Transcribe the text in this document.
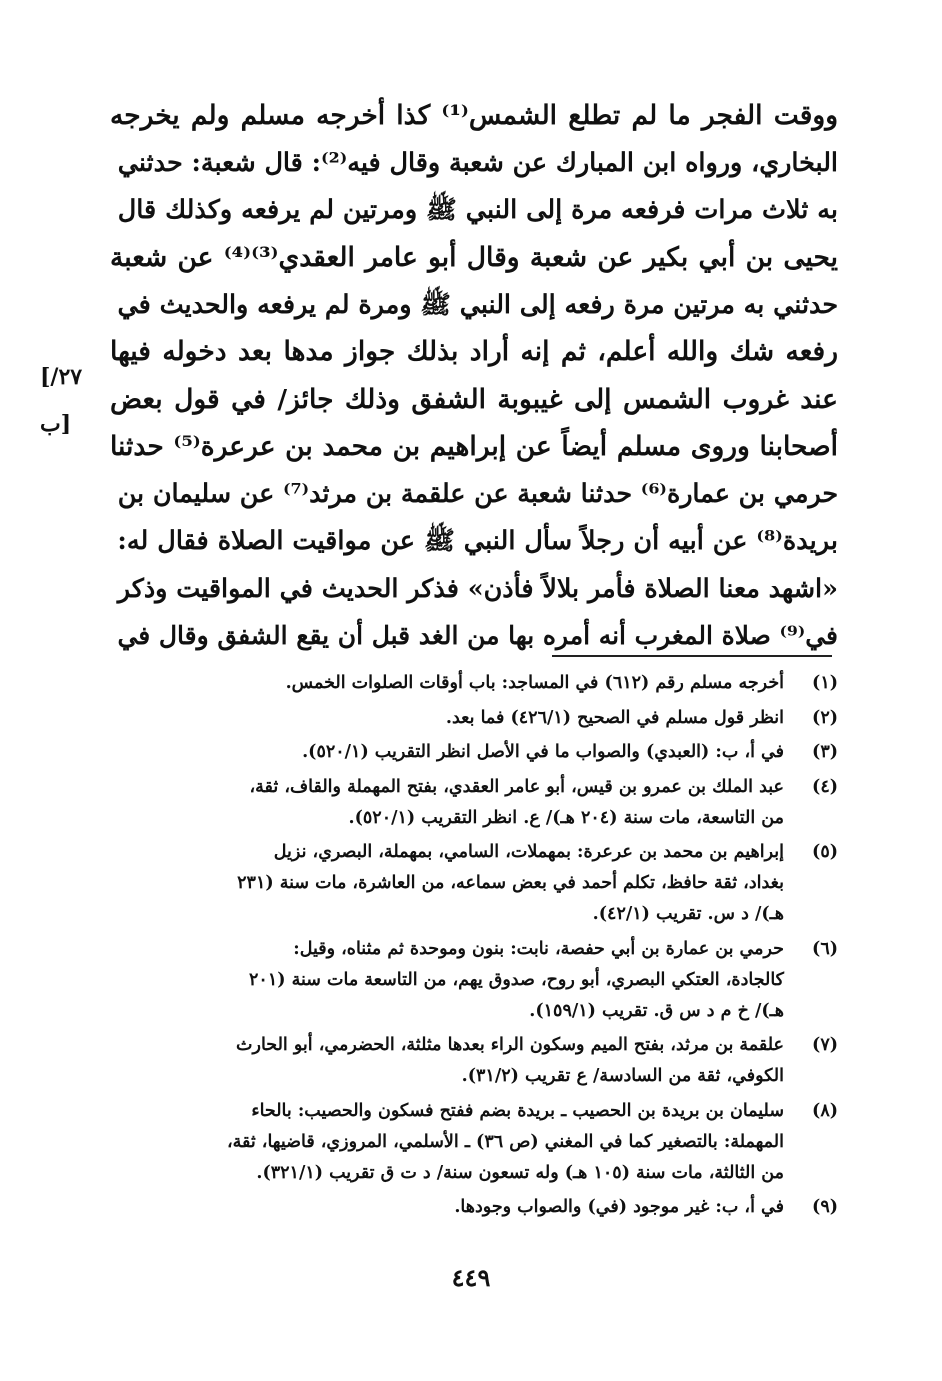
ووقت الفجر ما لم تطلع الشمس⁽¹⁾ كذا أخرجه مسلم ولم يخرجه
البخاري، ورواه ابن المبارك عن شعبة وقال فيه⁽²⁾: قال شعبة: حدثني
به ثلاث مرات فرفعه مرة إلى النبي ﷺ ومرتين لم يرفعه وكذلك قال
يحيى بن أبي بكير عن شعبة وقال أبو عامر العقدي⁽³⁾⁽⁴⁾ عن شعبة
حدثني به مرتين مرة رفعه إلى النبي ﷺ ومرة لم يرفعه والحديث في
رفعه شك والله أعلم، ثم إنه أراد بذلك جواز مدها بعد دخوله فيها
عند غروب الشمس إلى غيبوبة الشفق وذلك جائز/ في قول بعض
أصحابنا وروى مسلم أيضاً عن إبراهيم بن محمد بن عرعرة⁽⁵⁾ حدثنا
حرمي بن عمارة⁽⁶⁾ حدثنا شعبة عن علقمة بن مرثد⁽⁷⁾ عن سليمان بن
بريدة⁽⁸⁾ عن أبيه أن رجلاً سأل النبي ﷺ عن مواقيت الصلاة فقال له:
«اشهد معنا الصلاة فأمر بلالاً فأذن» فذكر الحديث في المواقيت وذكر
في⁽⁹⁾ صلاة المغرب أنه أمره بها من الغد قبل أن يقع الشفق وقال في
[٢٧/ب]
(١)
أخرجه مسلم رقم (٦١٢) في المساجد: باب أوقات الصلوات الخمس.
(٢)
انظر قول مسلم في الصحيح (٤٢٦/١) فما بعد.
(٣)
في أ، ب: (العبدي) والصواب ما في الأصل انظر التقريب (٥٢٠/١).
(٤)
عبد الملك بن عمرو بن قيس، أبو عامر العقدي، بفتح المهملة والقاف، ثقة،
من التاسعة، مات سنة (٢٠٤ هـ)/ ع. انظر التقريب (٥٢٠/١).
(٥)
إبراهيم بن محمد بن عرعرة: بمهملات، السامي، بمهملة، البصري، نزيل
بغداد، ثقة حافظ، تكلم أحمد في بعض سماعه، من العاشرة، مات سنة (٢٣١
هـ)/ د س. تقريب (٤٢/١).
(٦)
حرمي بن عمارة بن أبي حفصة، نابت: بنون وموحدة ثم مثناه، وقيل:
كالجادة، العتكي البصري، أبو روح، صدوق يهم، من التاسعة مات سنة (٢٠١
هـ)/ خ م د س ق. تقريب (١٥٩/١).
(٧)
علقمة بن مرثد، بفتح الميم وسكون الراء بعدها مثلثة، الحضرمي، أبو الحارث
الكوفي، ثقة من السادسة/ ع تقريب (٣١/٢).
(٨)
سليمان بن بريدة بن الحصيب ـ بريدة بضم ففتح فسكون والحصيب: بالحاء
المهملة: بالتصغير كما في المغني (ص ٣٦) ـ الأسلمي، المروزي، قاضيها، ثقة،
من الثالثة، مات سنة (١٠٥ هـ) وله تسعون سنة/ د ت ق تقريب (٣٢١/١).
(٩)
في أ، ب: غير موجود (في) والصواب وجودها.
٤٤٩
